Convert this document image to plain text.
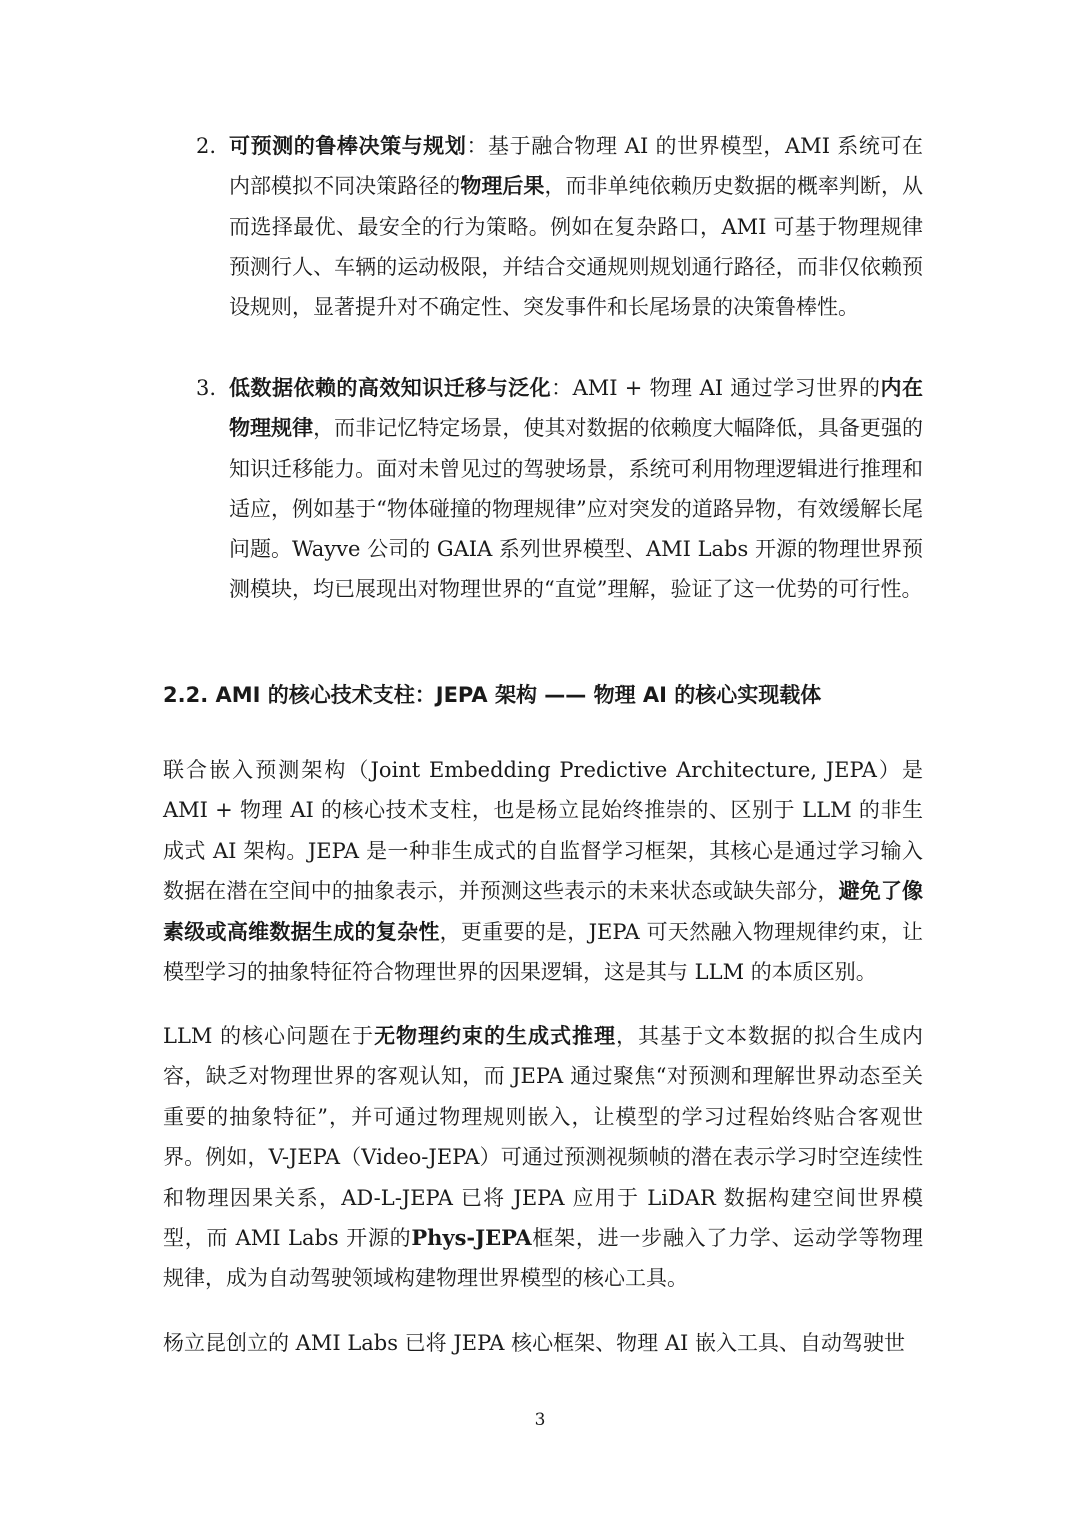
2. 可预测的鲁棒决策与规划：基于融合物理 AI 的世界模型，AMI 系统可在内部模拟不同决策路径的物理后果，而非单纯依赖历史数据的概率判断，从而选择最优、最安全的行为策略。例如在复杂路口，AMI 可基于物理规律预测行人、车辆的运动极限，并结合交通规则规划通行路径，而非仅依赖预设规则，显著提升对不确定性、突发事件和长尾场景的决策鲁棒性。
3. 低数据依赖的高效知识迁移与泛化：AMI + 物理 AI 通过学习世界的内在物理规律，而非记忆特定场景，使其对数据的依赖度大幅降低，具备更强的知识迁移能力。面对未曾见过的驾驶场景，系统可利用物理逻辑进行推理和适应，例如基于“物体碰撞的物理规律”应对突发的道路异物，有效缓解长尾问题。Wayve 公司的 GAIA 系列世界模型、AMI Labs 开源的物理世界预测模块，均已展现出对物理世界的“直觉”理解，验证了这一优势的可行性。
2.2. AMI 的核心技术支柱：JEPA 架构 —— 物理 AI 的核心实现载体

联合嵌入预测架构（Joint Embedding Predictive Architecture, JEPA）是 AMI + 物理 AI 的核心技术支柱，也是杨立昆始终推崇的、区别于 LLM 的非生成式 AI 架构。JEPA 是一种非生成式的自监督学习框架，其核心是通过学习输入数据在潜在空间中的抽象表示，并预测这些表示的未来状态或缺失部分，避免了像素级或高维数据生成的复杂性，更重要的是，JEPA 可天然融入物理规律约束，让模型学习的抽象特征符合物理世界的因果逻辑，这是其与 LLM 的本质区别。

LLM 的核心问题在于无物理约束的生成式推理，其基于文本数据的拟合生成内容，缺乏对物理世界的客观认知，而 JEPA 通过聚焦“对预测和理解世界动态至关重要的抽象特征”，并可通过物理规则嵌入，让模型的学习过程始终贴合客观世界。例如，V-JEPA（Video-JEPA）可通过预测视频帧的潜在表示学习时空连续性和物理因果关系，AD-L-JEPA 已将 JEPA 应用于 LiDAR 数据构建空间世界模型，而 AMI Labs 开源的Phys-JEPA框架，进一步融入了力学、运动学等物理规律，成为自动驾驶领域构建物理世界模型的核心工具。

杨立昆创立的 AMI Labs 已将 JEPA 核心框架、物理 AI 嵌入工具、自动驾驶世

3
